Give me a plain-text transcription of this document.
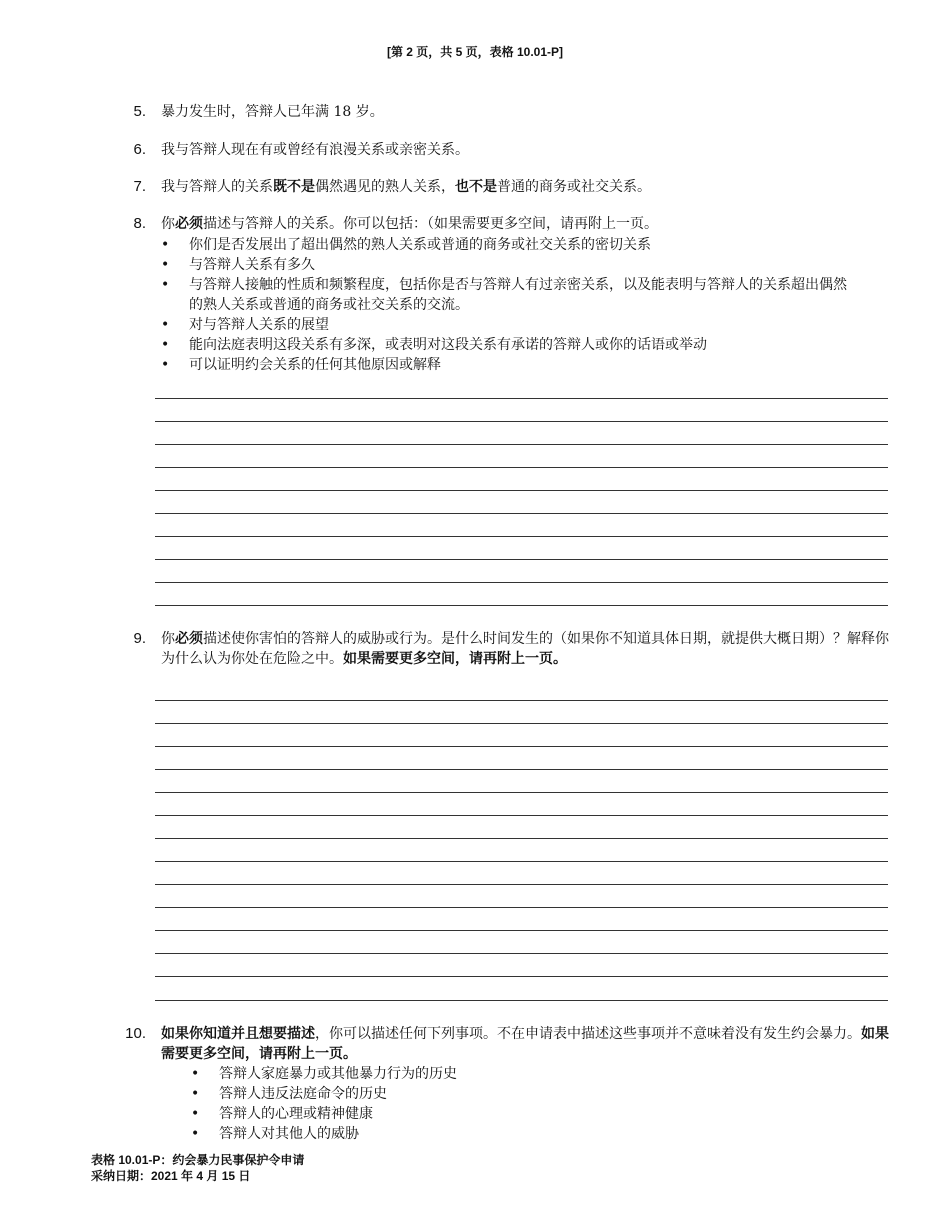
[第 2 页，共 5 页，表格 10.01-P]
5. 暴力发生时，答辩人已年满 18 岁。
6. 我与答辩人现在有或曾经有浪漫关系或亲密关系。
7. 我与答辩人的关系既不是偶然遇见的熟人关系，也不是普通的商务或社交关系。
8. 你必须描述与答辩人的关系。你可以包括：（如果需要更多空间，请再附上一页。
• 你们是否发展出了超出偶然的熟人关系或普通的商务或社交关系的密切关系
• 与答辩人关系有多久
• 与答辩人接触的性质和频繁程度，包括你是否与答辩人有过亲密关系，以及能表明与答辩人的关系超出偶然的熟人关系或普通的商务或社交关系的交流。
• 对与答辩人关系的展望
• 能向法庭表明这段关系有多深，或表明对这段关系有承诺的答辩人或你的话语或举动
• 可以证明约会关系的任何其他原因或解释
9. 你必须描述使你害怕的答辩人的威胁或行为。是什么时间发生的（如果你不知道具体日期，就提供大概日期）？解释你为什么认为你处在危险之中。如果需要更多空间，请再附上一页。
10. 如果你知道并且想要描述，你可以描述任何下列事项。不在申请表中描述这些事项并不意味着没有发生约会暴力。如果需要更多空间，请再附上一页。
• 答辩人家庭暴力或其他暴力行为的历史
• 答辩人违反法庭命令的历史
• 答辩人的心理或精神健康
• 答辩人对其他人的威胁
表格 10.01-P：约会暴力民事保护令申请
采纳日期：2021 年 4 月 15 日
